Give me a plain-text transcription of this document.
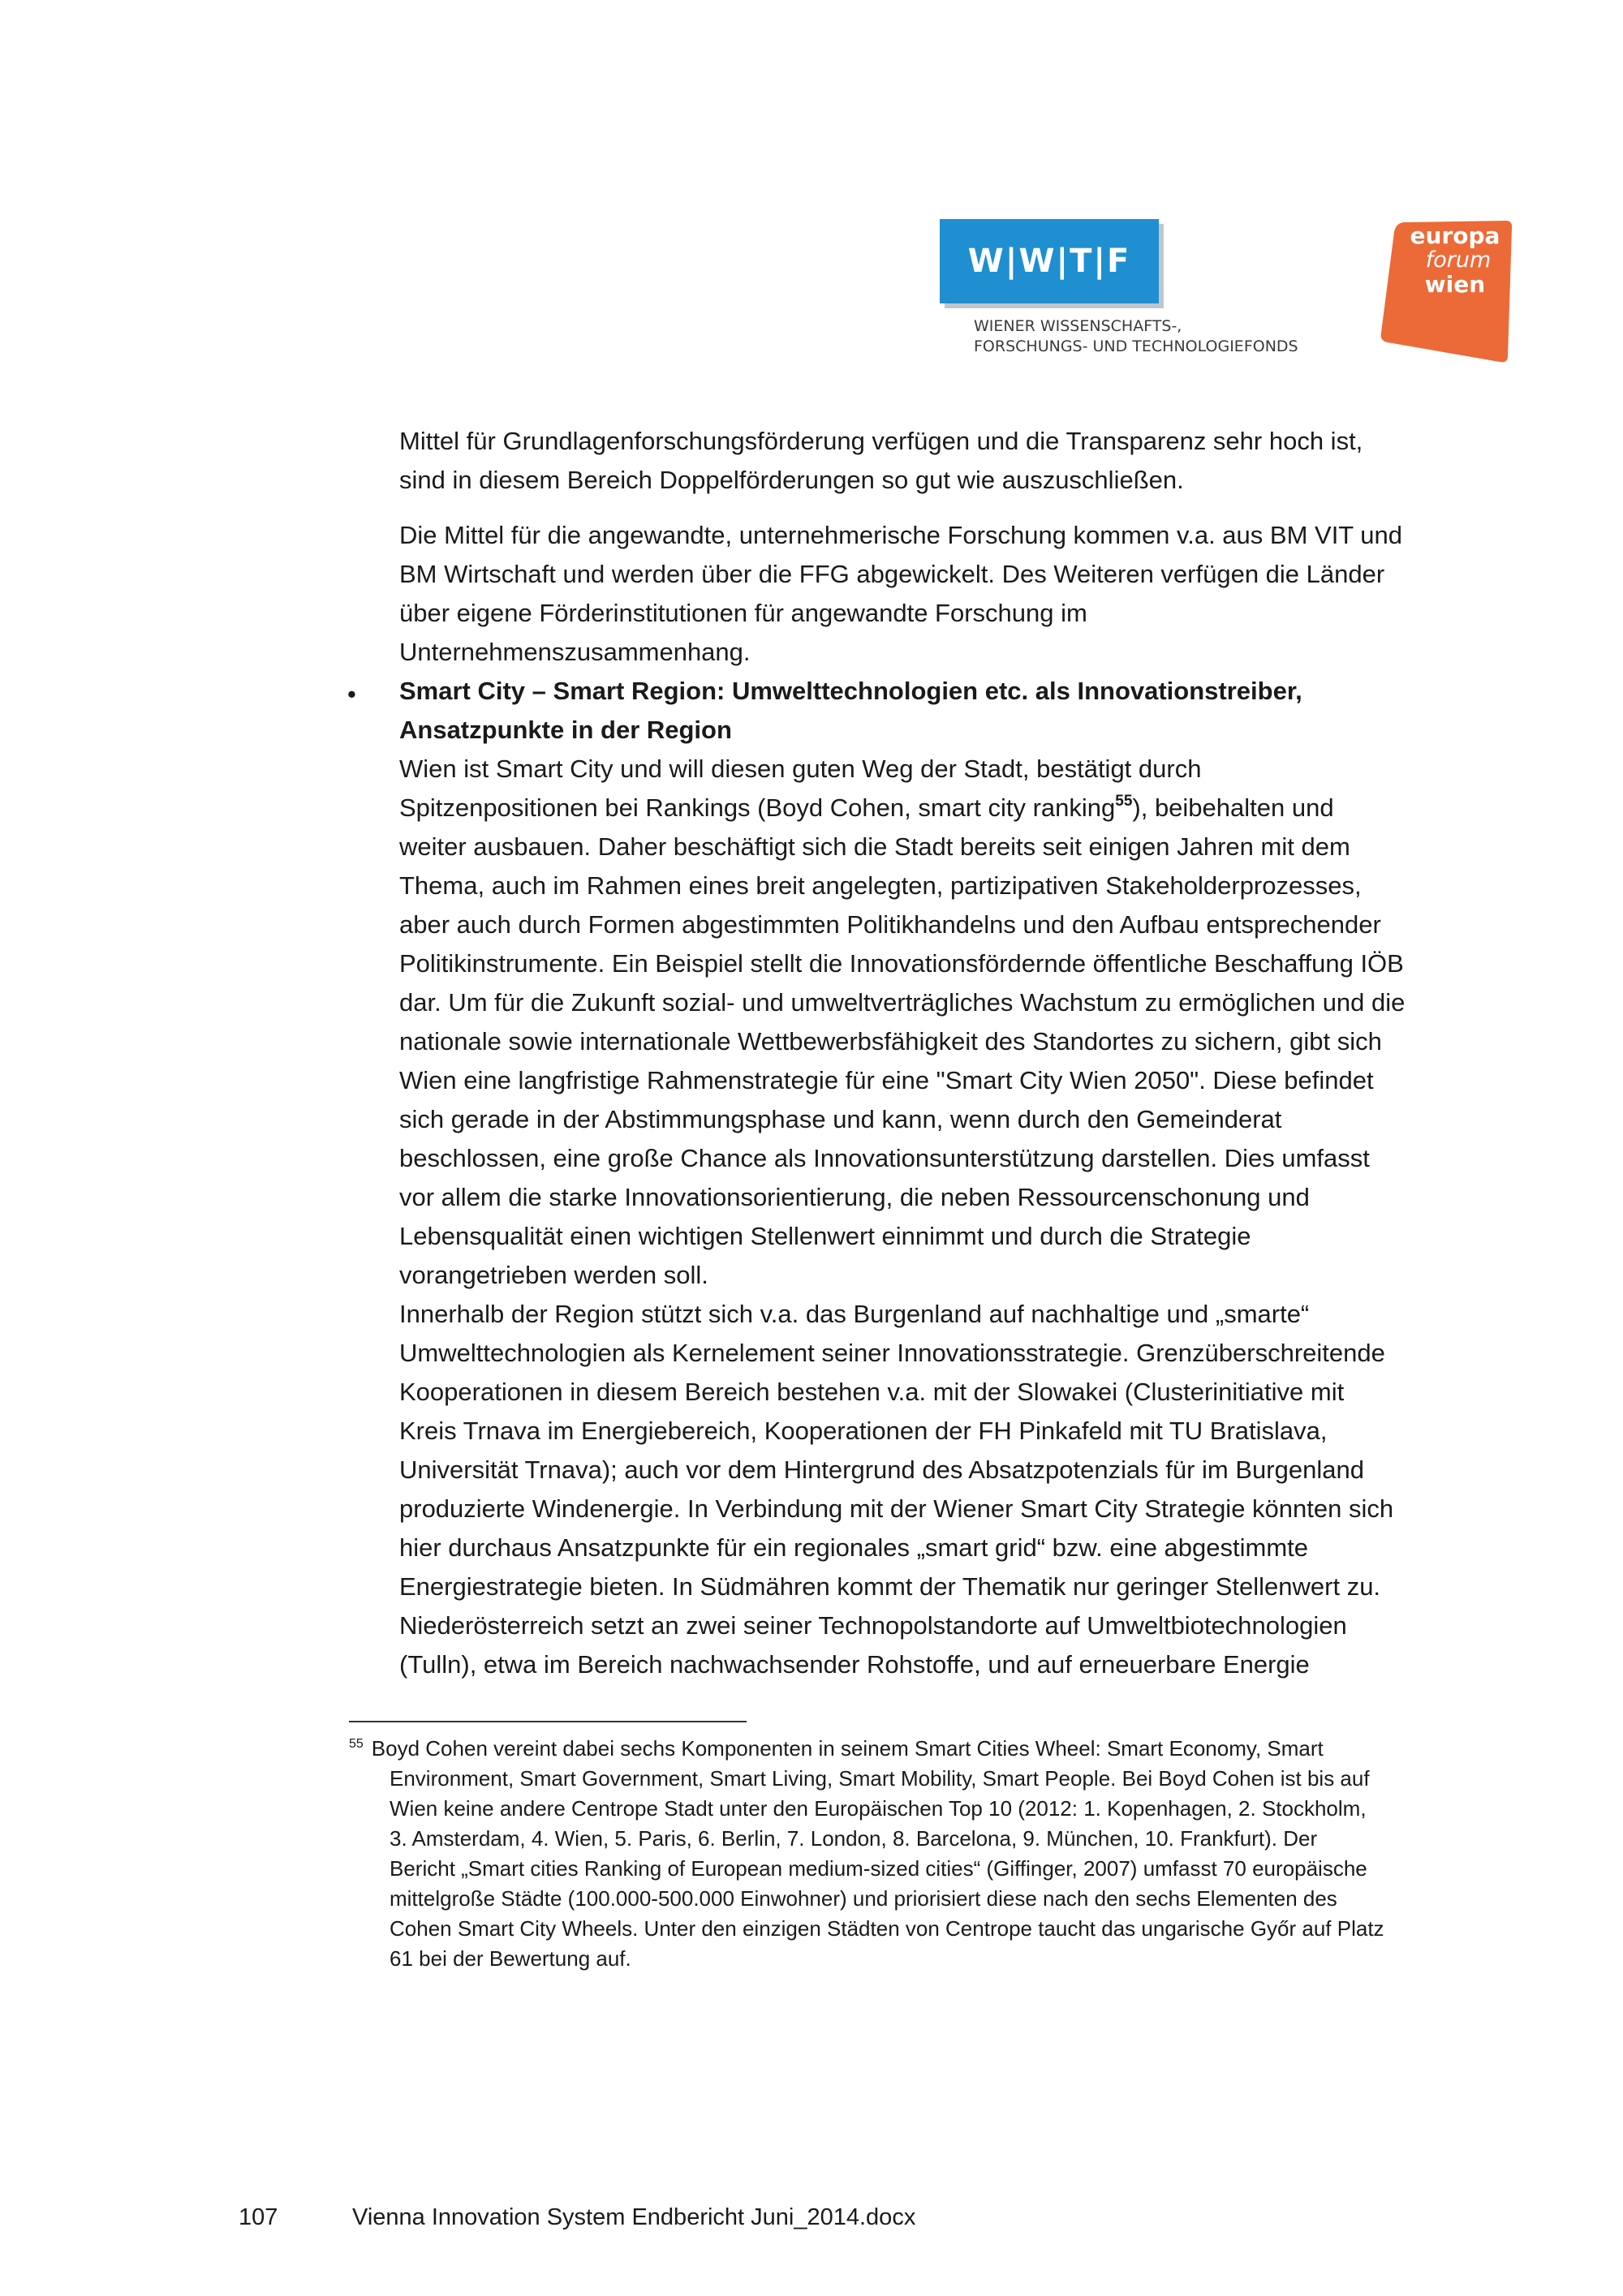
W|W|T|F
WIENER WISSENSCHAFTS-,
FORSCHUNGS- UND TECHNOLOGIEFONDS
europa
forum
wien
•

Mittel für Grundlagenforschungsförderung verfügen und die Transparenz sehr hoch ist,

sind in diesem Bereich Doppelförderungen so gut wie auszuschließen.

Die Mittel für die angewandte, unternehmerische Forschung kommen v.a. aus BM VIT und

BM Wirtschaft und werden über die FFG abgewickelt. Des Weiteren verfügen die Länder

über eigene Förderinstitutionen für angewandte Forschung im

Unternehmenszusammenhang.

Smart City – Smart Region: Umwelttechnologien etc. als Innovationstreiber,

Ansatzpunkte in der Region

Wien ist Smart City und will diesen guten Weg der Stadt, bestätigt durch

Spitzenpositionen bei Rankings (Boyd Cohen, smart city ranking$^{55}$), beibehalten und

weiter ausbauen. Daher beschäftigt sich die Stadt bereits seit einigen Jahren mit dem

Thema, auch im Rahmen eines breit angelegten, partizipativen Stakeholderprozesses,

aber auch durch Formen abgestimmten Politikhandelns und den Aufbau entsprechender

Politikinstrumente. Ein Beispiel stellt die Innovationsfördernde öffentliche Beschaffung IÖB

dar. Um für die Zukunft sozial- und umweltverträgliches Wachstum zu ermöglichen und die

nationale sowie internationale Wettbewerbsfähigkeit des Standortes zu sichern, gibt sich

Wien eine langfristige Rahmenstrategie für eine "Smart City Wien 2050". Diese befindet

sich gerade in der Abstimmungsphase und kann, wenn durch den Gemeinderat

beschlossen, eine große Chance als Innovationsunterstützung darstellen. Dies umfasst

vor allem die starke Innovationsorientierung, die neben Ressourcenschonung und

Lebensqualität einen wichtigen Stellenwert einnimmt und durch die Strategie

vorangetrieben werden soll.

Innerhalb der Region stützt sich v.a. das Burgenland auf nachhaltige und „smarte“

Umwelttechnologien als Kernelement seiner Innovationsstrategie. Grenzüberschreitende

Kooperationen in diesem Bereich bestehen v.a. mit der Slowakei (Clusterinitiative mit

Kreis Trnava im Energiebereich, Kooperationen der FH Pinkafeld mit TU Bratislava,

Universität Trnava); auch vor dem Hintergrund des Absatzpotenzials für im Burgenland

produzierte Windenergie. In Verbindung mit der Wiener Smart City Strategie könnten sich

hier durchaus Ansatzpunkte für ein regionales „smart grid“ bzw. eine abgestimmte

Energiestrategie bieten. In Südmähren kommt der Thematik nur geringer Stellenwert zu.

Niederösterreich setzt an zwei seiner Technopolstandorte auf Umweltbiotechnologien

(Tulln), etwa im Bereich nachwachsender Rohstoffe, und auf erneuerbare Energie

$^{55}$ Boyd Cohen vereint dabei sechs Komponenten in seinem Smart Cities Wheel: Smart Economy, Smart
Environment, Smart Government, Smart Living, Smart Mobility, Smart People. Bei Boyd Cohen ist bis auf
Wien keine andere Centrope Stadt unter den Europäischen Top 10 (2012: 1. Kopenhagen, 2. Stockholm,
3. Amsterdam, 4. Wien, 5. Paris, 6. Berlin, 7. London, 8. Barcelona, 9. München, 10. Frankfurt). Der
Bericht „Smart cities Ranking of European medium-sized cities“ (Giffinger, 2007) umfasst 70 europäische
mittelgroße Städte (100.000-500.000 Einwohner) und priorisiert diese nach den sechs Elementen des
Cohen Smart City Wheels. Unter den einzigen Städten von Centrope taucht das ungarische Győr auf Platz
61 bei der Bewertung auf.
107	Vienna Innovation System Endbericht Juni_2014.docx
